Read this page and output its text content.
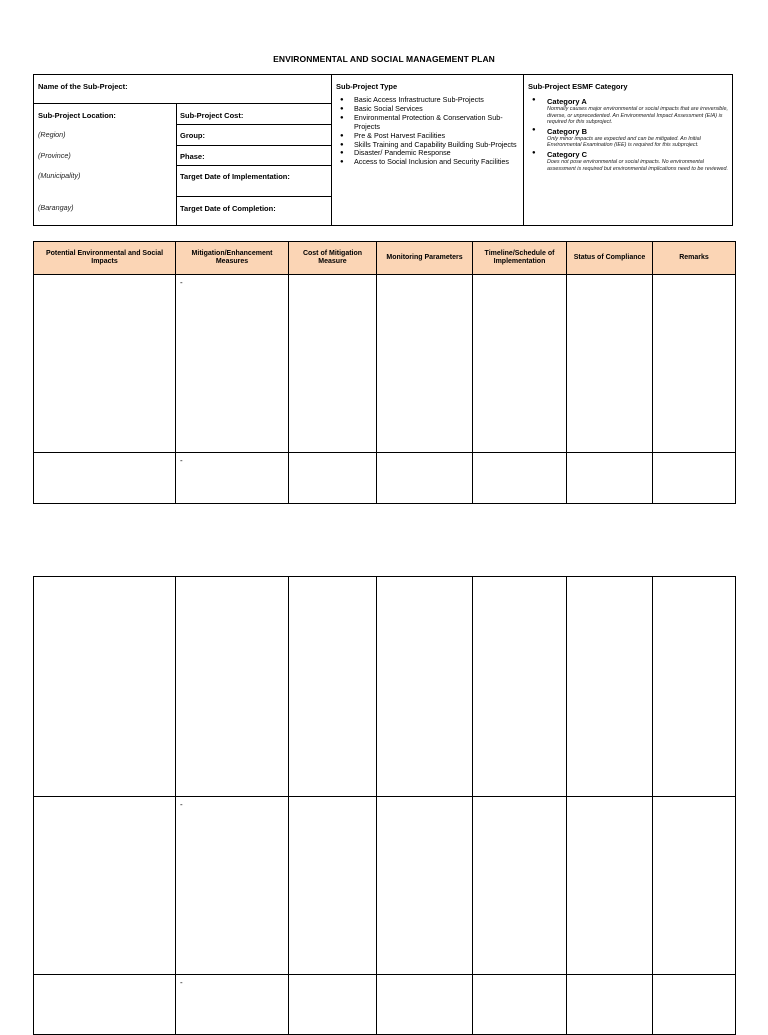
ENVIRONMENTAL AND SOCIAL MANAGEMENT PLAN
Name of the Sub-Project:
Sub-Project Location:
(Region)
(Province)
(Municipality)
(Barangay)
Sub-Project Cost:
Group:
Phase:
Target Date of Implementation:
Target Date of Completion:
Sub-Project Type
● Basic Access Infrastructure Sub-Projects
● Basic Social Services
● Environmental Protection & Conservation Sub-Projects
● Pre & Post Harvest Facilities
● Skills Training and Capability Building Sub-Projects
● Disaster/ Pandemic Response
● Access to Social Inclusion and Security Facilities
Sub-Project ESMF Category
● Category A
Normally causes major environmental or social impacts that are irreversible, diverse, or unprecedented. An Environmental Impact Assessment (EIA) is required for this subproject.
● Category B
Only minor impacts are expected and can be mitigated. An Initial Environmental Examination (IEE) is required for this subproject.
● Category C
Does not pose environmental or social impacts. No environmental assessment is required but environmental implications need to be reviewed.
Potential Environmental and Social Impacts	Mitigation/Enhancement Measures	Cost of Mitigation Measure	Monitoring Parameters	Timeline/Schedule of Implementation	Status of Compliance	Remarks

	-					

	-					

	-					

	-					
